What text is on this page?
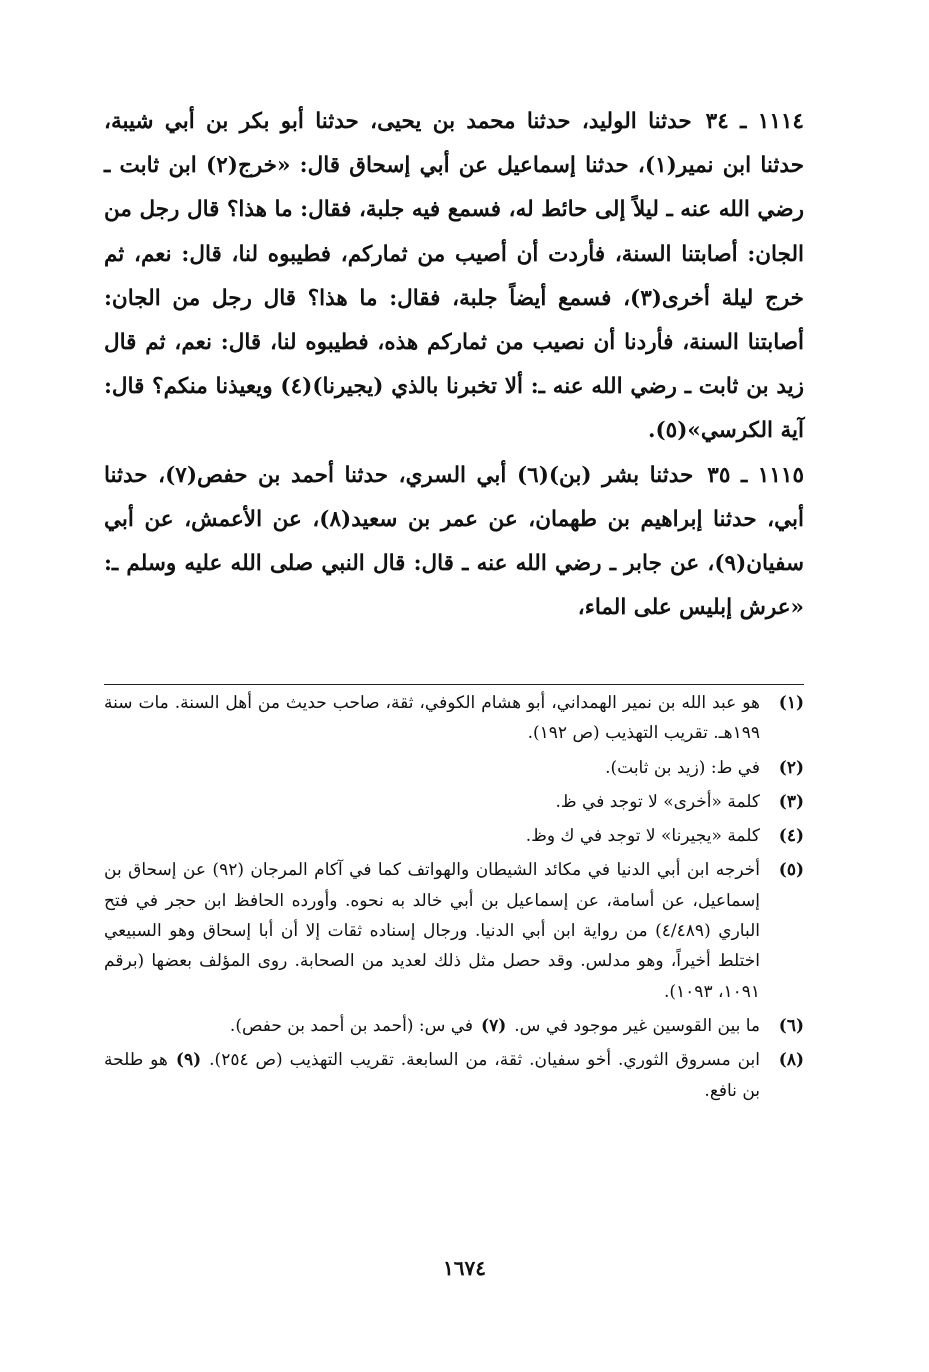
١١١٤ ـ ٣٤حدثنا الوليد، حدثنا محمد بن يحيى، حدثنا أبو بكر بن أبي شيبة، حدثنا ابن نمير(١)، حدثنا إسماعيل عن أبي إسحاق قال: «خرج(٢) ابن ثابت ـ رضي الله عنه ـ ليلاً إلى حائط له، فسمع فيه جلبة، فقال: ما هذا؟ قال رجل من الجان: أصابتنا السنة، فأردت أن أصيب من ثماركم، فطيبوه لنا، قال: نعم، ثم خرج ليلة أخرى(٣)، فسمع أيضاً جلبة، فقال: ما هذا؟ قال رجل من الجان: أصابتنا السنة، فأردنا أن نصيب من ثماركم هذه، فطيبوه لنا، قال: نعم، ثم قال زيد بن ثابت ـ رضي الله عنه ـ: ألا تخبرنا بالذي (يجيرنا)(٤) ويعيذنا منكم؟ قال: آية الكرسي»(٥).

١١١٥ ـ ٣٥حدثنا بشر (بن)(٦) أبي السري، حدثنا أحمد بن حفص(٧)، حدثنا أبي، حدثنا إبراهيم بن طهمان، عن عمر بن سعيد(٨)، عن الأعمش، عن أبي سفيان(٩)، عن جابر ـ رضي الله عنه ـ قال: قال النبي صلى الله عليه وسلم ـ: «عرش إبليس على الماء،

(١)
هو عبد الله بن نمير الهمداني، أبو هشام الكوفي، ثقة، صاحب حديث من أهل السنة. مات سنة ١٩٩هـ. تقريب التهذيب (ص ١٩٢).
(٢)
في ط: (زيد بن ثابت).
(٣)
كلمة «أخرى» لا توجد في ظ.
(٤)
كلمة «يجيرنا» لا توجد في ك وظ.
(٥)
أخرجه ابن أبي الدنيا في مكائد الشيطان والهواتف كما في آكام المرجان (٩٢) عن إسحاق بن إسماعيل، عن أسامة، عن إسماعيل بن أبي خالد به نحوه. وأورده الحافظ ابن حجر في فتح الباري (٤/٤٨٩) من رواية ابن أبي الدنيا. ورجال إسناده ثقات إلا أن أبا إسحاق وهو السبيعي اختلط أخيراً، وهو مدلس. وقد حصل مثل ذلك لعديد من الصحابة. روى المؤلف بعضها (برقم ١٠٩١، ١٠٩٣).
(٦)
ما بين القوسين غير موجود في س.(٧)في س: (أحمد بن أحمد بن حفص).
(٨)
ابن مسروق الثوري. أخو سفيان. ثقة، من السابعة. تقريب التهذيب (ص ٢٥٤).(٩)هو طلحة بن نافع.
١٦٧٤
